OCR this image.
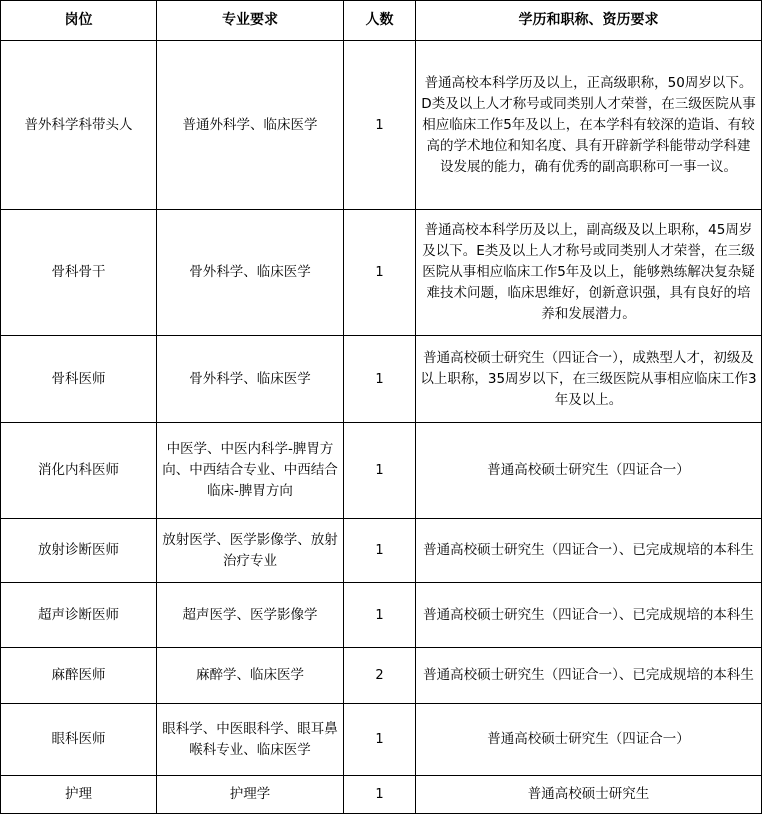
岗位	专业要求	人数	学历和职称、资历要求
普外科学科带头人	普通外科学、临床医学	1	普通高校本科学历及以上，正高级职称，50周岁以下。D类及以上人才称号或同类别人才荣誉，在三级医院从事相应临床工作5年及以上，在本学科有较深的造诣、有较高的学术地位和知名度、具有开辟新学科能带动学科建设发展的能力，确有优秀的副高职称可一事一议。
骨科骨干	骨外科学、临床医学	1	普通高校本科学历及以上，副高级及以上职称，45周岁及以下。E类及以上人才称号或同类别人才荣誉，在三级医院从事相应临床工作5年及以上，能够熟练解决复杂疑难技术问题，临床思维好，创新意识强，具有良好的培养和发展潜力。
骨科医师	骨外科学、临床医学	1	普通高校硕士研究生（四证合一），成熟型人才，初级及以上职称，35周岁以下，在三级医院从事相应临床工作3年及以上。
消化内科医师	中医学、中医内科学-脾胃方向、中西结合专业、中西结合临床-脾胃方向	1	普通高校硕士研究生（四证合一）
放射诊断医师	放射医学、医学影像学、放射治疗专业	1	普通高校硕士研究生（四证合一）、已完成规培的本科生
超声诊断医师	超声医学、医学影像学	1	普通高校硕士研究生（四证合一）、已完成规培的本科生
麻醉医师	麻醉学、临床医学	2	普通高校硕士研究生（四证合一）、已完成规培的本科生
眼科医师	眼科学、中医眼科学、眼耳鼻喉科专业、临床医学	1	普通高校硕士研究生（四证合一）
护理	护理学	1	普通高校硕士研究生
